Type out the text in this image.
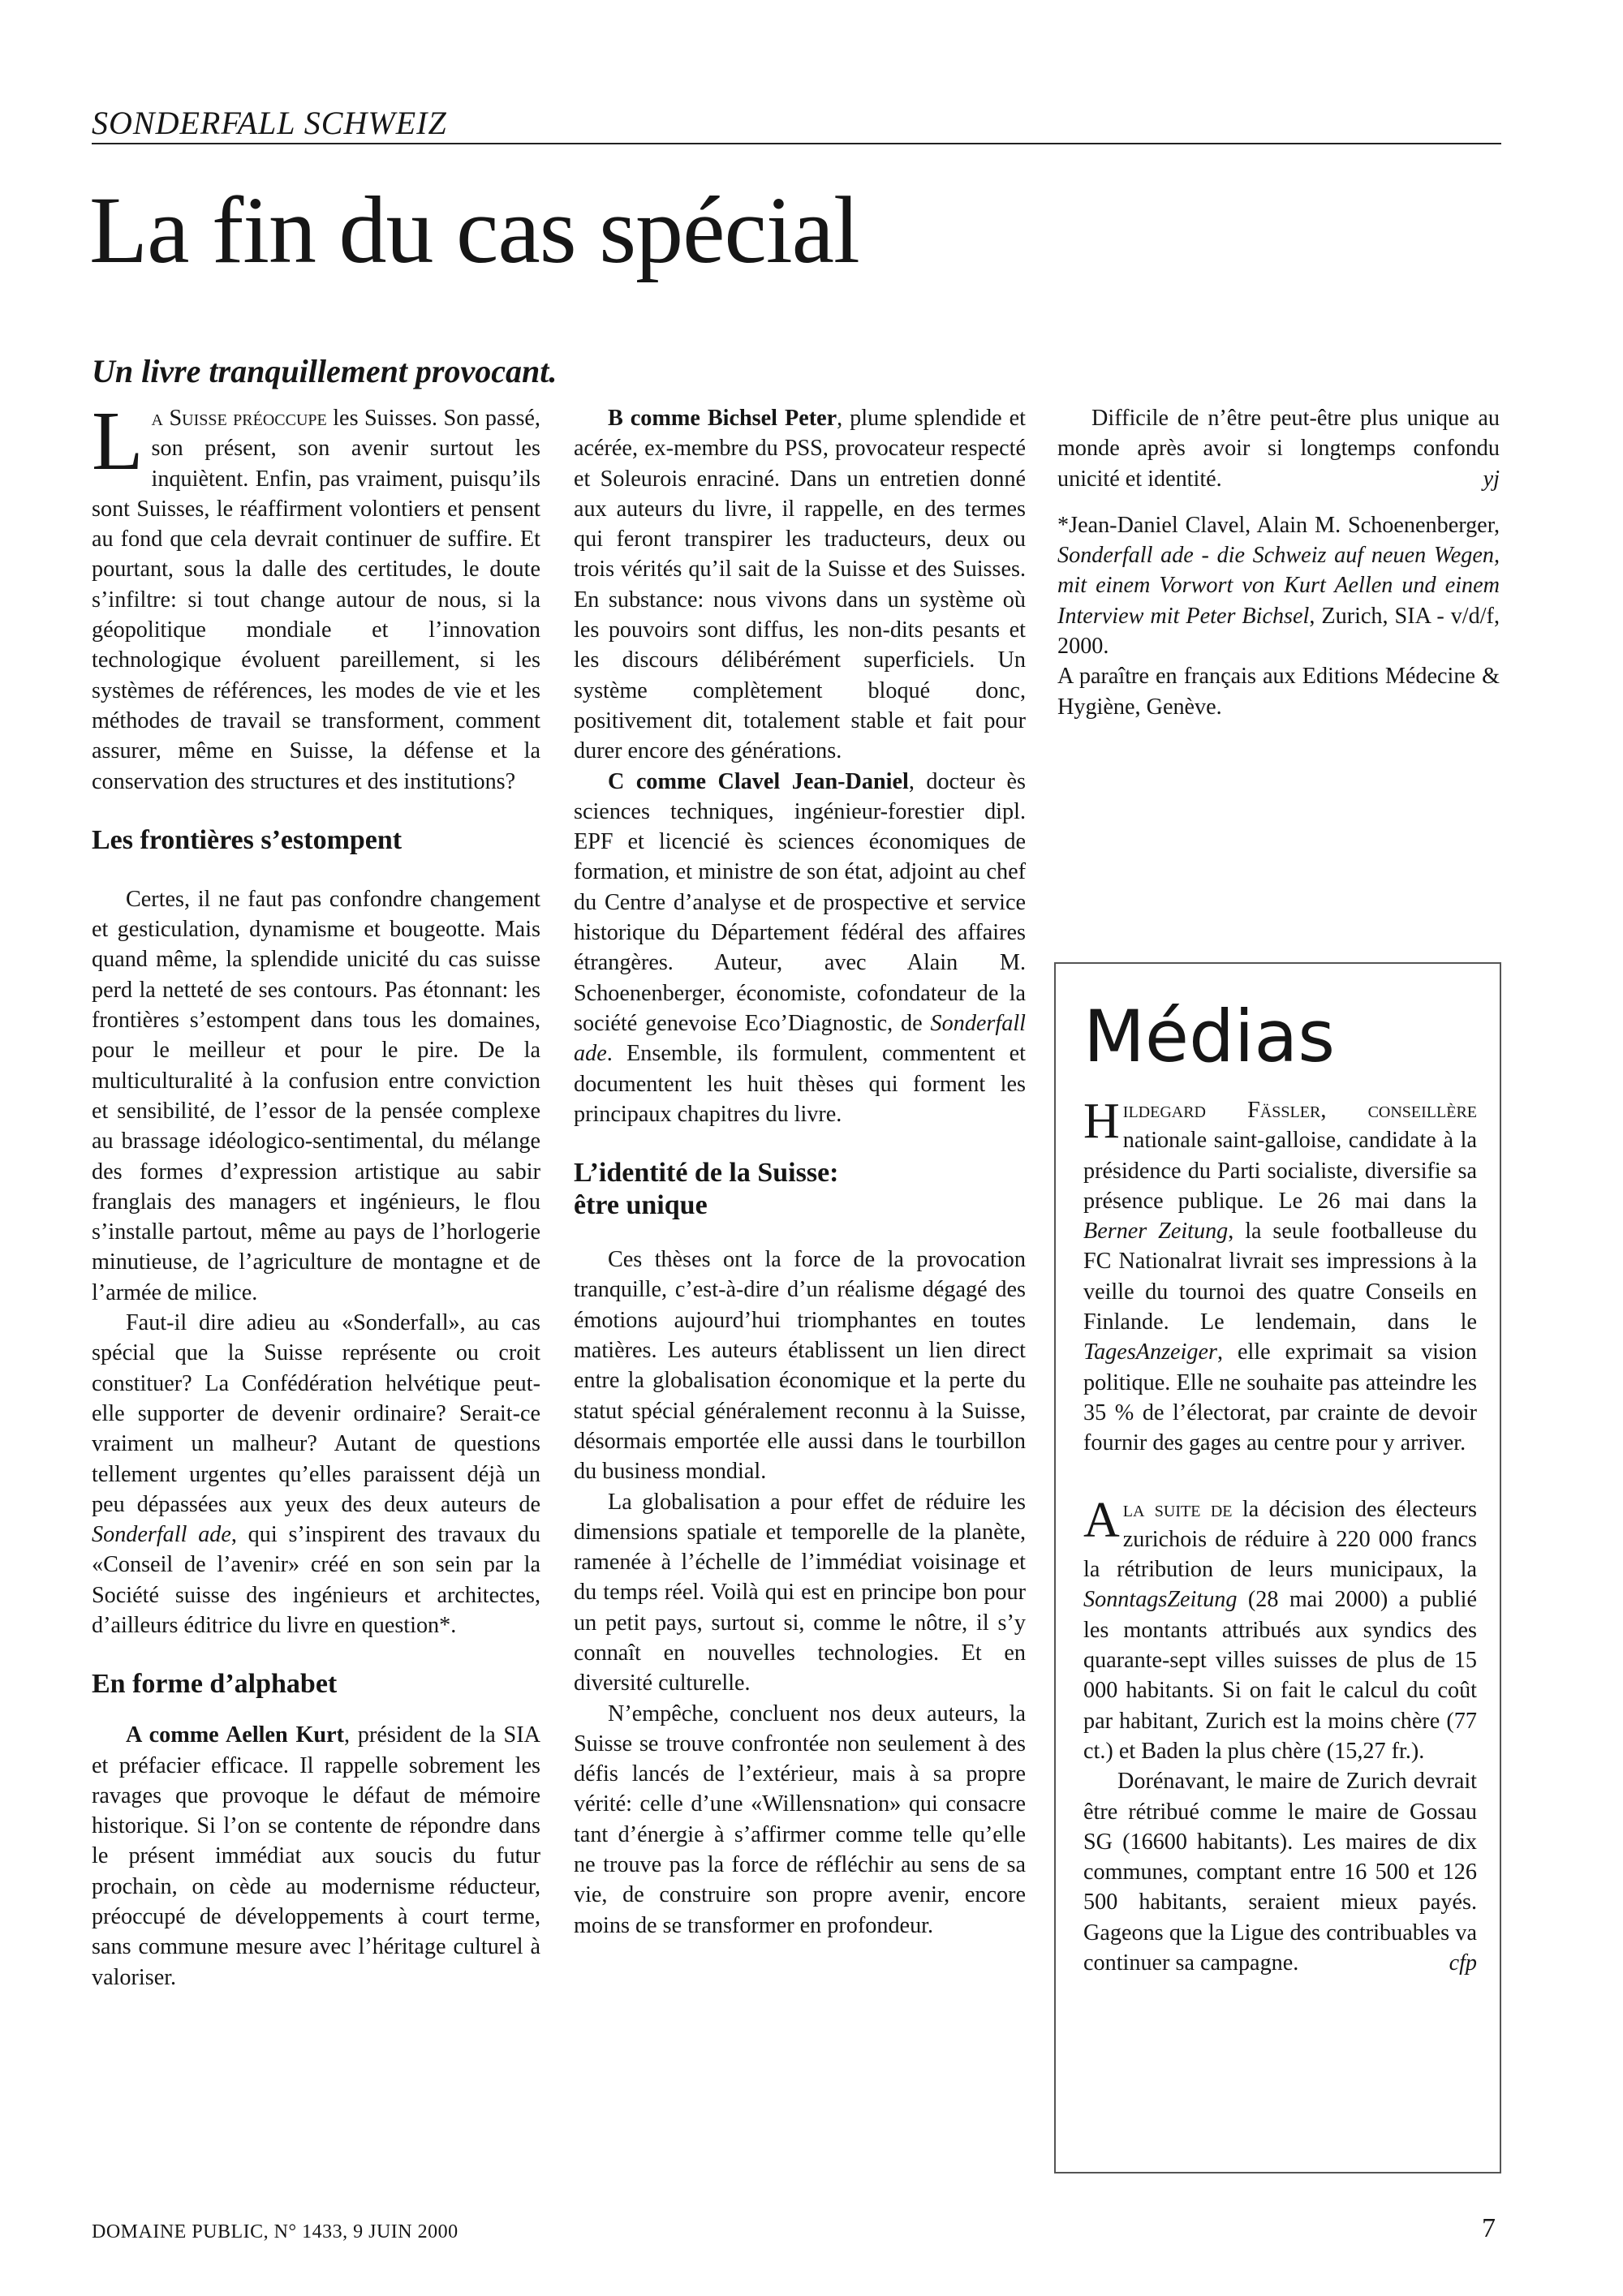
SONDERFALL SCHWEIZ
La fin du cas spécial
Un livre tranquillement provocant.

La Suisse préoccupe les Suisses. Son passé, son présent, son avenir surtout les inquiètent. Enfin, pas vraiment, puisqu’ils sont Suisses, le réaffirment volontiers et pensent au fond que cela devrait continuer de suffire. Et pourtant, sous la dalle des certitudes, le doute s’infiltre: si tout change autour de nous, si la géopolitique mondiale et l’innovation technologique évoluent pareillement, si les systèmes de références, les modes de vie et les méthodes de travail se transforment, comment assurer, même en Suisse, la défense et la conservation des structures et des institutions?

Les frontières s’estompent

Certes, il ne faut pas confondre changement et gesticulation, dynamisme et bougeotte. Mais quand même, la splendide unicité du cas suisse perd la netteté de ses contours. Pas étonnant: les frontières s’estompent dans tous les domaines, pour le meilleur et pour le pire. De la multiculturalité à la confusion entre conviction et sensibilité, de l’essor de la pensée complexe au brassage idéologico-sentimental, du mélange des formes d’expression artistique au sabir franglais des managers et ingénieurs, le flou s’installe partout, même au pays de l’horlogerie minutieuse, de l’agriculture de montagne et de l’armée de milice.

Faut-il dire adieu au «Sonderfall», au cas spécial que la Suisse représente ou croit constituer? La Confédération helvétique peut-elle supporter de devenir ordinaire? Serait-ce vraiment un malheur? Autant de questions tellement urgentes qu’elles paraissent déjà un peu dépassées aux yeux des deux auteurs de Sonderfall ade, qui s’inspirent des travaux du «Conseil de l’avenir» créé en son sein par la Société suisse des ingénieurs et architectes, d’ailleurs éditrice du livre en question*.

En forme d’alphabet

A comme Aellen Kurt, président de la SIA et préfacier efficace. Il rappelle sobrement les ravages que provoque le défaut de mémoire historique. Si l’on se contente de répondre dans le présent immédiat aux soucis du futur prochain, on cède au modernisme réducteur, préoccupé de développements à court terme, sans commune mesure avec l’héritage culturel à valoriser.

B comme Bichsel Peter, plume splendide et acérée, ex-membre du PSS, provocateur respecté et Soleurois enraciné. Dans un entretien donné aux auteurs du livre, il rappelle, en des termes qui feront transpirer les traducteurs, deux ou trois vérités qu’il sait de la Suisse et des Suisses. En substance: nous vivons dans un système où les pouvoirs sont diffus, les non-dits pesants et les discours délibérément superficiels. Un système complètement bloqué donc, positivement dit, totalement stable et fait pour durer encore des générations.

C comme Clavel Jean-Daniel, docteur ès sciences techniques, ingénieur-forestier dipl. EPF et licencié ès sciences économiques de formation, et ministre de son état, adjoint au chef du Centre d’analyse et de prospective et service historique du Département fédéral des affaires étrangères. Auteur, avec Alain M. Schoenenberger, économiste, cofondateur de la société genevoise Eco’Diagnostic, de Sonderfall ade. Ensemble, ils formulent, commentent et documentent les huit thèses qui forment les principaux chapitres du livre.

L’identité de la Suisse:
être unique

Ces thèses ont la force de la provocation tranquille, c’est-à-dire d’un réalisme dégagé des émotions aujourd’hui triomphantes en toutes matières. Les auteurs établissent un lien direct entre la globalisation économique et la perte du statut spécial généralement reconnu à la Suisse, désormais emportée elle aussi dans le tourbillon du business mondial.

La globalisation a pour effet de réduire les dimensions spatiale et temporelle de la planète, ramenée à l’échelle de l’immédiat voisinage et du temps réel. Voilà qui est en principe bon pour un petit pays, surtout si, comme le nôtre, il s’y connaît en nouvelles technologies. Et en diversité culturelle.

N’empêche, concluent nos deux auteurs, la Suisse se trouve confrontée non seulement à des défis lancés de l’extérieur, mais à sa propre vérité: celle d’une «Willensnation» qui consacre tant d’énergie à s’affirmer comme telle qu’elle ne trouve pas la force de réfléchir au sens de sa vie, de construire son propre avenir, encore moins de se transformer en profondeur.

Difficile de n’être peut-être plus unique au monde après avoir si longtemps confondu unicité et identité.	yj

*Jean-Daniel Clavel, Alain M. Schoenenberger, Sonderfall ade - die Schweiz auf neuen Wegen, mit einem Vorwort von Kurt Aellen und einem Interview mit Peter Bichsel, Zurich, SIA - v/d/f, 2000.

A paraître en français aux Editions Médecine & Hygiène, Genève.

Médias

Hildegard Fässler, conseillère nationale saint-galloise, candidate à la présidence du Parti socialiste, diversifie sa présence publique. Le 26 mai dans la Berner Zeitung, la seule footballeuse du FC Nationalrat livrait ses impressions à la veille du tournoi des quatre Conseils en Finlande. Le lendemain, dans le TagesAnzeiger, elle exprimait sa vision politique. Elle ne souhaite pas atteindre les 35 % de l’électorat, par crainte de devoir fournir des gages au centre pour y arriver.

Ala suite de la décision des électeurs zurichois de réduire à 220 000 francs la rétribution de leurs municipaux, la SonntagsZeitung (28 mai 2000) a publié les montants attribués aux syndics des quarante-sept villes suisses de plus de 15 000 habitants. Si on fait le calcul du coût par habitant, Zurich est la moins chère (77 ct.) et Baden la plus chère (15,27 fr.).

Dorénavant, le maire de Zurich devrait être rétribué comme le maire de Gossau SG (16600 habitants). Les maires de dix communes, comptant entre 16 500 et 126 500 habitants, seraient mieux payés. Gageons que la Ligue des contribuables va continuer sa campagne.	cfp

DOMAINE PUBLIC, N° 1433, 9 JUIN 2000	7
